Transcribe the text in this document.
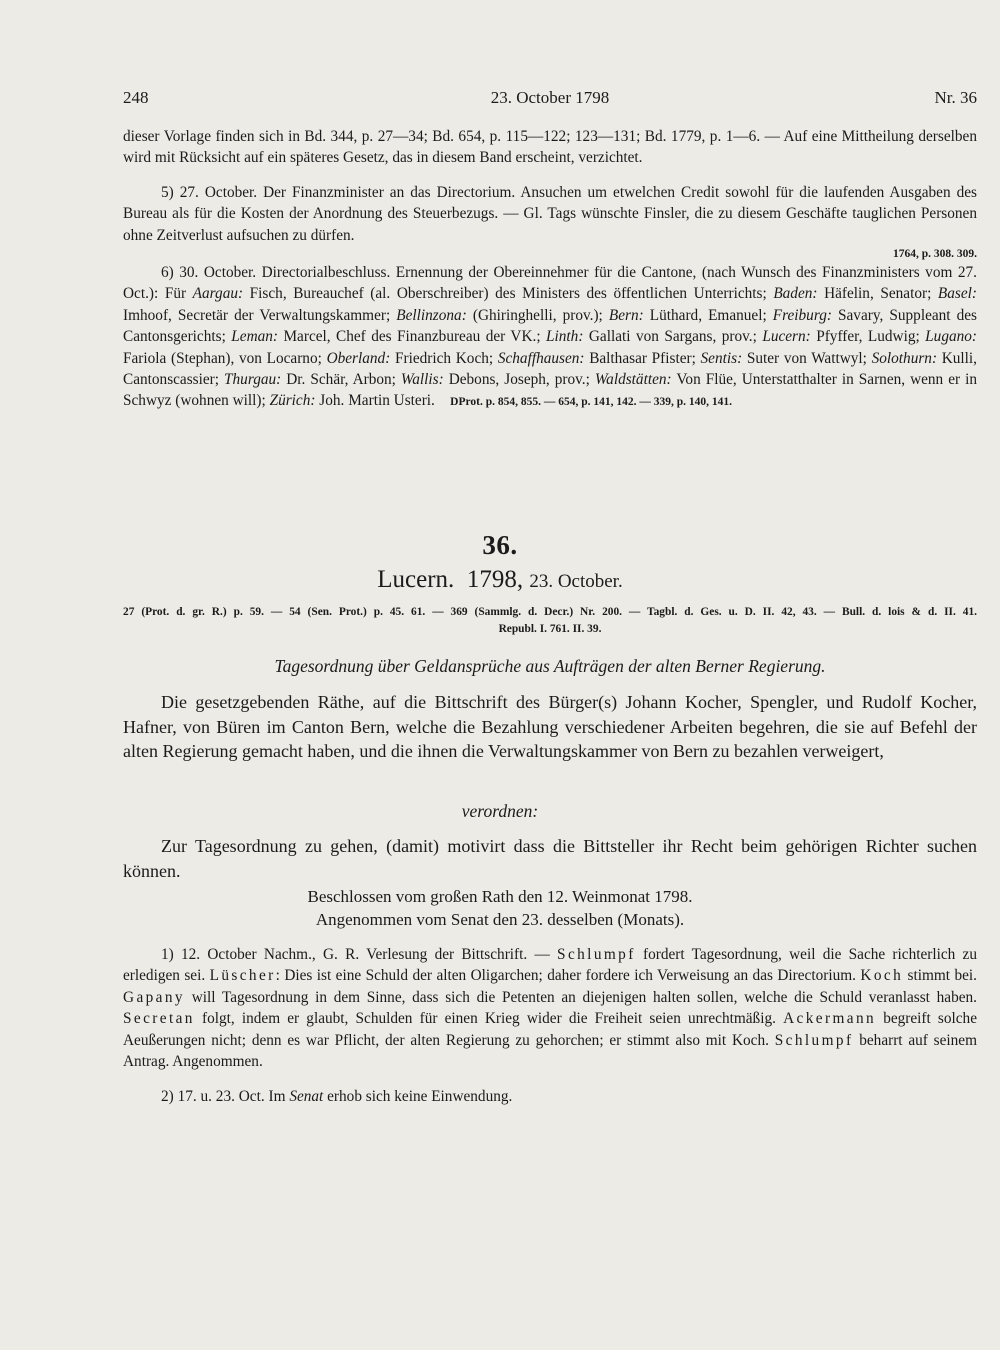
248	23. October 1798	Nr. 36

dieser Vorlage finden sich in Bd. 344, p. 27—34; Bd. 654, p. 115—122; 123—131; Bd. 1779, p. 1—6. — Auf eine Mittheilung derselben wird mit Rücksicht auf ein späteres Gesetz, das in diesem Band erscheint, verzichtet.

5) 27. October. Der Finanzminister an das Directorium. Ansuchen um etwelchen Credit sowohl für die laufenden Ausgaben des Bureau als für die Kosten der Anordnung des Steuerbezugs. — Gl. Tags wünschte Finsler, die zu diesem Geschäfte tauglichen Personen ohne Zeitverlust aufsuchen zu dürfen.

1764, p. 308. 309.

6) 30. October. Directorialbeschluss. Ernennung der Obereinnehmer für die Cantone, (nach Wunsch des Finanzministers vom 27. Oct.): Für Aargau: Fisch, Bureauchef (al. Oberschreiber) des Ministers des öffentlichen Unterrichts; Baden: Häfelin, Senator; Basel: Imhoof, Secretär der Verwaltungskammer; Bellinzona: (Ghiringhelli, prov.); Bern: Lüthard, Emanuel; Freiburg: Savary, Suppleant des Cantonsgerichts; Leman: Marcel, Chef des Finanzbureau der VK.; Linth: Gallati von Sargans, prov.; Lucern: Pfyffer, Ludwig; Lugano: Fariola (Stephan), von Locarno; Oberland: Friedrich Koch; Schaffhausen: Balthasar Pfister; Sentis: Suter von Wattwyl; Solothurn: Kulli, Cantonscassier; Thurgau: Dr. Schär, Arbon; Wallis: Debons, Joseph, prov.; Waldstätten: Von Flüe, Unterstatthalter in Sarnen, wenn er in Schwyz (wohnen will); Zürich: Joh. Martin Usteri. DProt. p. 854, 855. — 654, p. 141, 142. — 339, p. 140, 141.

36.
Lucern. 1798, 23. October.
27 (Prot. d. gr. R.) p. 59. — 54 (Sen. Prot.) p. 45. 61. — 369 (Sammlg. d. Decr.) Nr. 200. — Tagbl. d. Ges. u. D. II. 42, 43. — Bull. d. lois & d. II. 41.
Republ. I. 761. II. 39.
Tagesordnung über Geldansprüche aus Aufträgen der alten Berner Regierung.

Die gesetzgebenden Räthe, auf die Bittschrift des Bürger(s) Johann Kocher, Spengler, und Rudolf Kocher, Hafner, von Büren im Canton Bern, welche die Bezahlung verschiedener Arbeiten begehren, die sie auf Befehl der alten Regierung gemacht haben, und die ihnen die Verwaltungskammer von Bern zu bezahlen verweigert,

verordnen:
Zur Tagesordnung zu gehen, (damit) motivirt dass die Bittsteller ihr Recht beim gehörigen Richter suchen können.
Beschlossen vom großen Rath den 12. Weinmonat 1798.
Angenommen vom Senat den 23. desselben (Monats).

1) 12. October Nachm., G. R. Verlesung der Bittschrift. — Schlumpf fordert Tagesordnung, weil die Sache richterlich zu erledigen sei. Lüscher: Dies ist eine Schuld der alten Oligarchen; daher fordere ich Verweisung an das Directorium. Koch stimmt bei. Gapany will Tagesordnung in dem Sinne, dass sich die Petenten an diejenigen halten sollen, welche die Schuld veranlasst haben. Secretan folgt, indem er glaubt, Schulden für einen Krieg wider die Freiheit seien unrechtmäßig. Ackermann begreift solche Aeußerungen nicht; denn es war Pflicht, der alten Regierung zu gehorchen; er stimmt also mit Koch. Schlumpf beharrt auf seinem Antrag. Angenommen.

2) 17. u. 23. Oct. Im Senat erhob sich keine Einwendung.
